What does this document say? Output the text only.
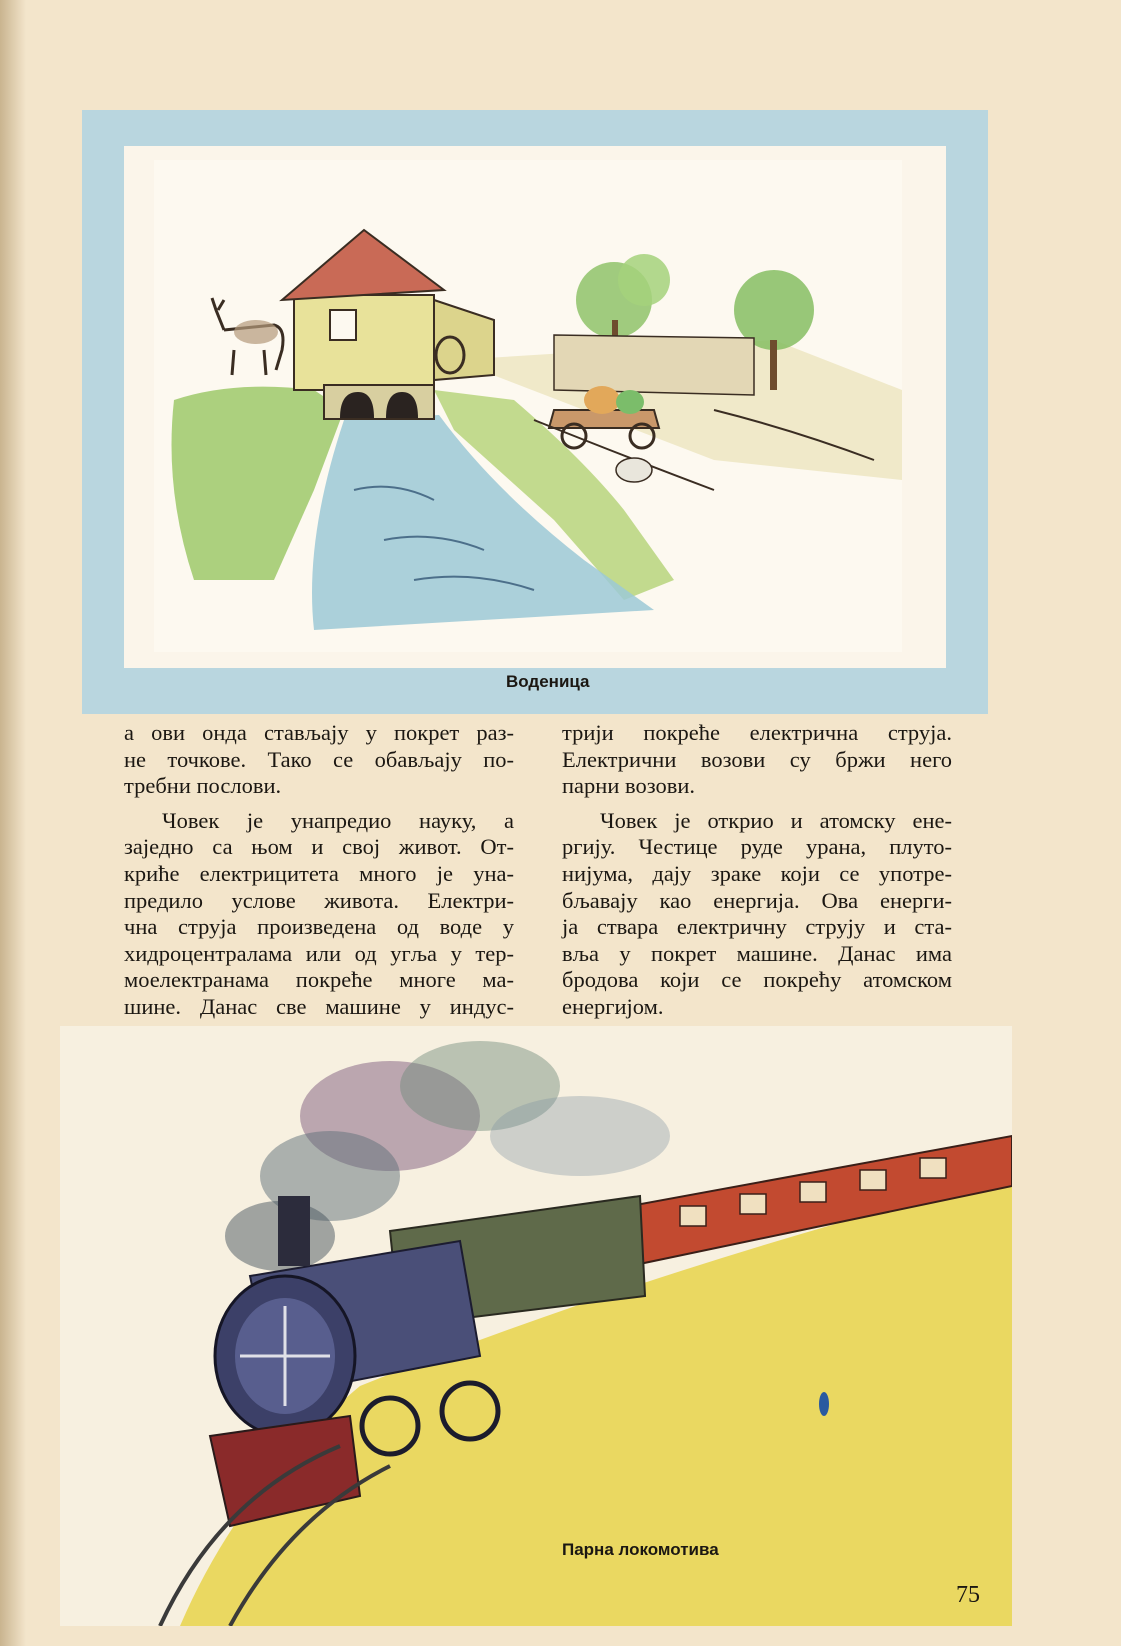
Воденица
а ови онда стављају у покрет раз-
не точкове. Тако се обављају по-
требни послови.
Човек је унапредио науку, а
заједно са њом и свој живот. От-
криће електрицитета много је уна-
предило услове живота. Електри-
чна струја произведена од воде у
хидроцентралама или од угља у тер-
моелектранама покреће многе ма-
шине. Данас све машине у индус-
трији покреће електрична струја.
Електрични возови су бржи него
парни возови.
Човек је открио и атомску ене-
ргију. Честице руде урана, плуто-
нијума, дају зраке који се употре-
бљавају као енергија. Ова енерги-
ја ствара електричну струју и ста-
вља у покрет машине. Данас има
бродова који се покрећу атомском
енергијом.
Парна локомотива
75
